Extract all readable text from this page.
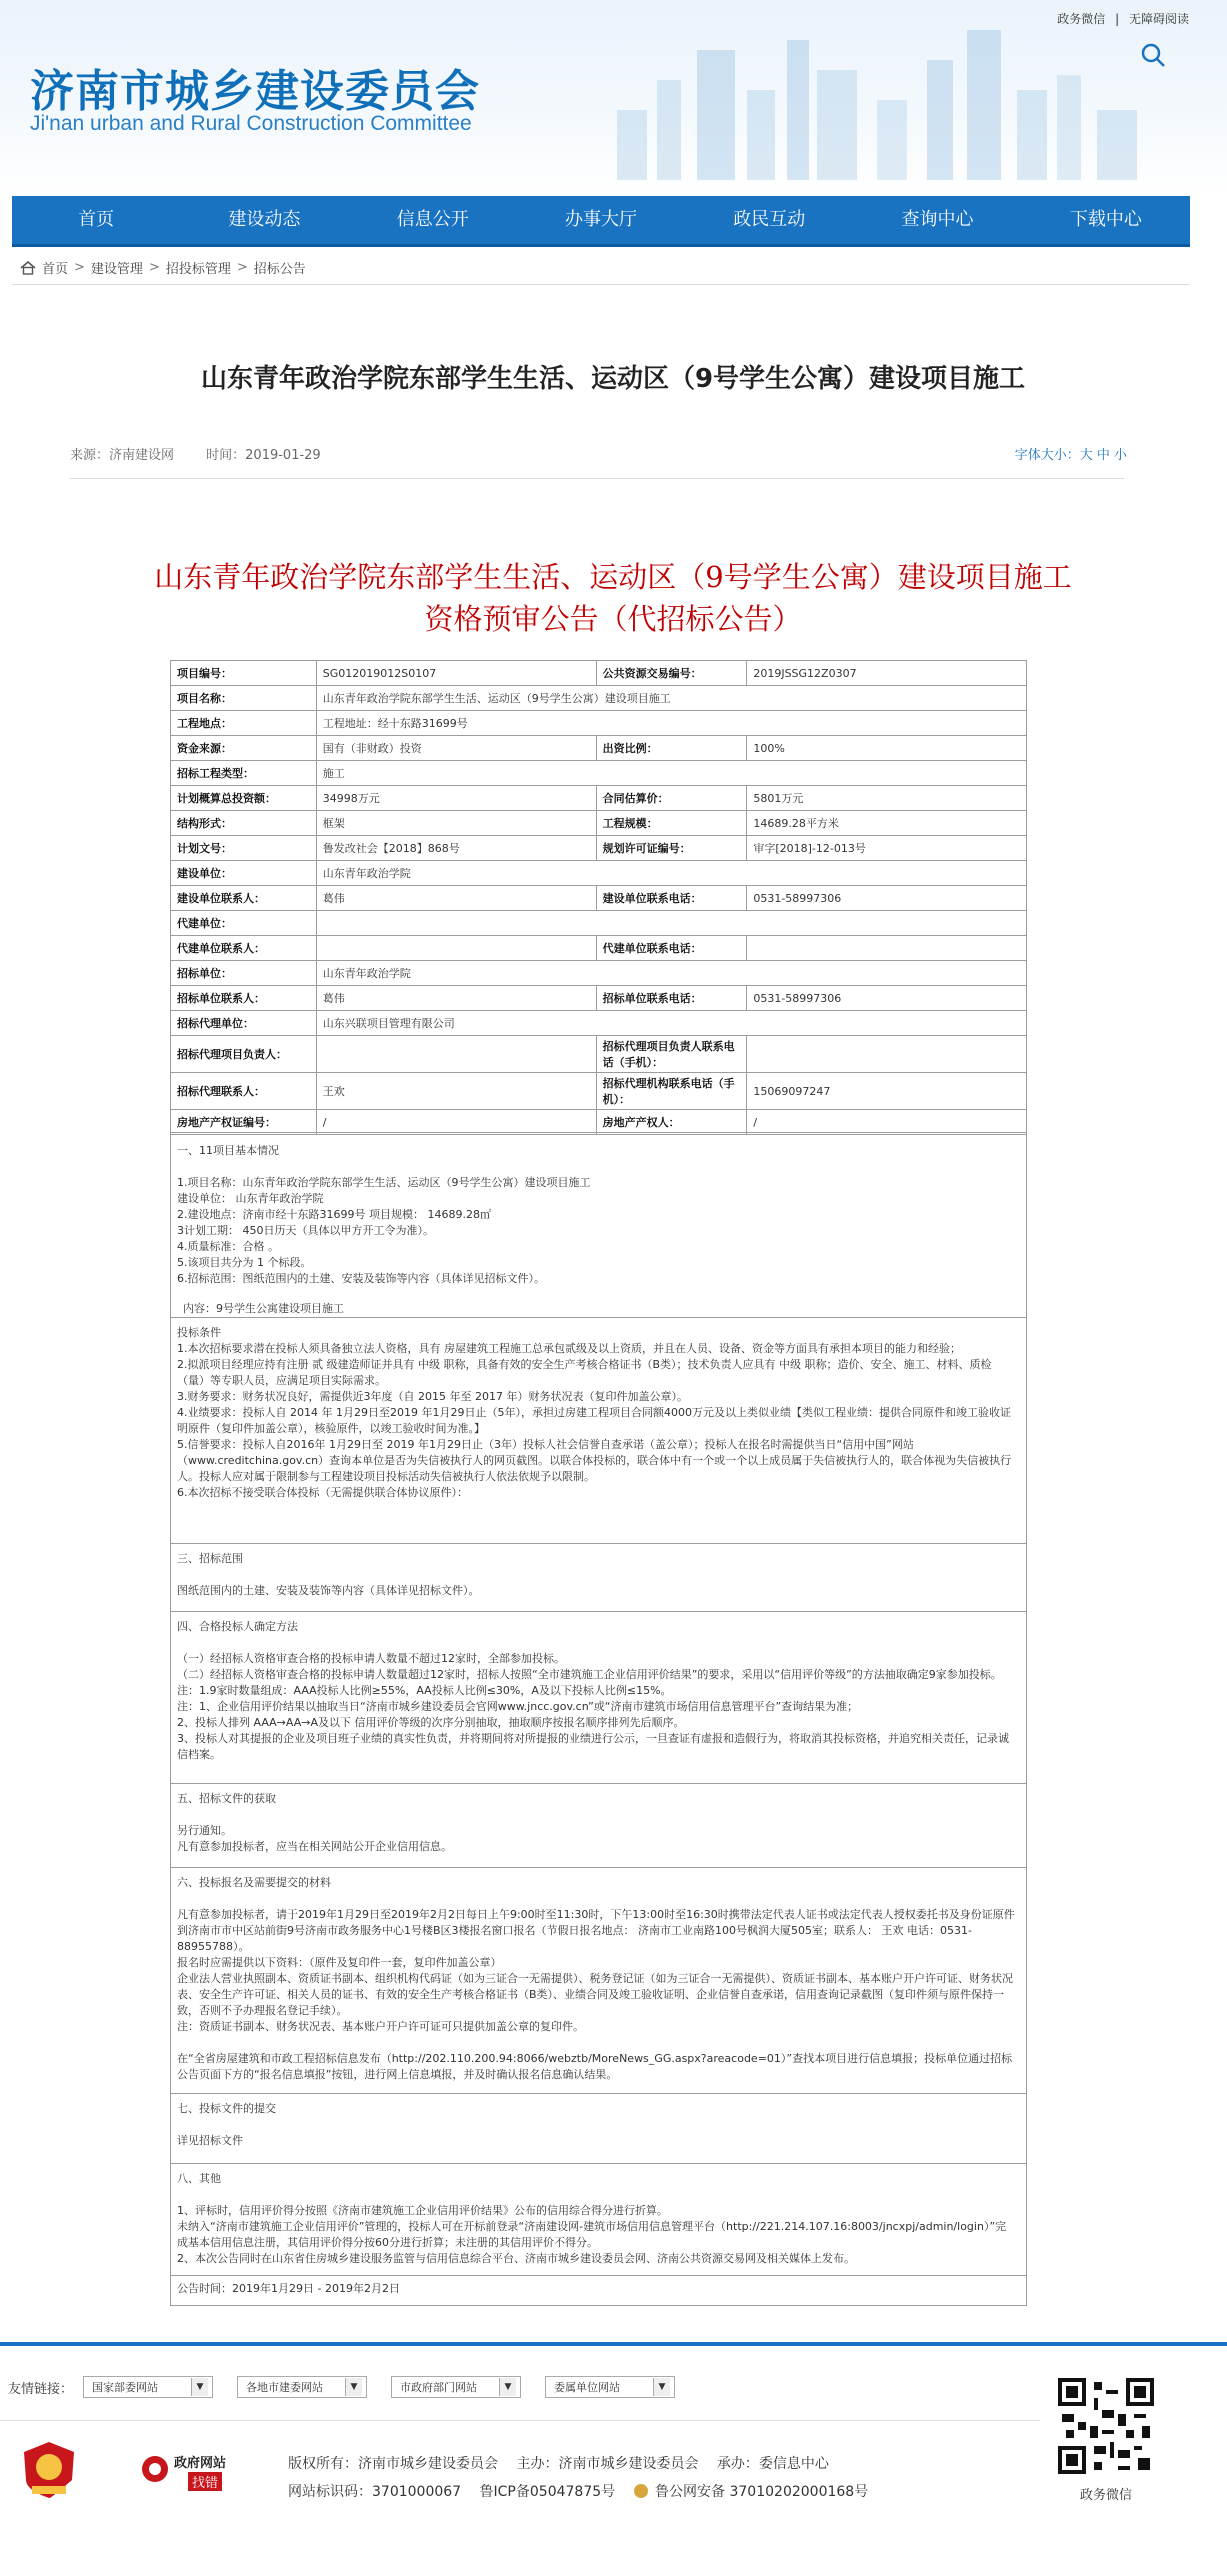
政务微信 | 无障碍阅读
济南市城乡建设委员会
Ji'nan urban and Rural Construction Committee
首页	建设动态	信息公开	办事大厅	政民互动	查询中心	下载中心
首页 > 建设管理 > 招投标管理 > 招标公告
山东青年政治学院东部学生生活、运动区（9号学生公寓）建设项目施工
来源：济南建设网 时间：2019-01-29	字体大小：大 中 小
山东青年政治学院东部学生生活、运动区（9号学生公寓）建设项目施工
资格预审公告（代招标公告）
项目编号：	SG012019012S0107	公共资源交易编号：	2019JSSG12Z0307
项目名称：	山东青年政治学院东部学生生活、运动区（9号学生公寓）建设项目施工		
工程地点：	工程地址：经十东路31699号		
资金来源：	国有（非财政）投资	出资比例：	100%
招标工程类型：	施工		
计划概算总投资额：	34998万元	合同估算价：	5801万元
结构形式：	框架	工程规模：	14689.28平方米
计划文号：	鲁发改社会【2018】868号	规划许可证编号：	审字[2018]-12-013号
建设单位：	山东青年政治学院		
建设单位联系人：	葛伟	建设单位联系电话：	0531-58997306
代建单位：			
代建单位联系人：		代建单位联系电话：	
招标单位：	山东青年政治学院		
招标单位联系人：	葛伟	招标单位联系电话：	0531-58997306
招标代理单位：	山东兴联项目管理有限公司		
招标代理项目负责人：		招标代理项目负责人联系电话（手机）：	
招标代理联系人：	王欢	招标代理机构联系电话（手机）：	15069097247
房地产产权证编号：	/	房地产产权人：	/

一、11项目基本情况

1.项目名称：山东青年政治学院东部学生生活、运动区（9号学生公寓）建设项目施工

建设单位： 山东青年政治学院

2.建设地点：济南市经十东路31699号 项目规模： 14689.28㎡

3计划工期： 450日历天（具体以甲方开工令为准）。

4.质量标准：合格 。

5.该项目共分为 1 个标段。

6.招标范围：图纸范围内的土建、安装及装饰等内容（具体详见招标文件）。

内容：9号学生公寓建设项目施工

投标条件

1.本次招标要求潜在投标人须具备独立法人资格，具有 房屋建筑工程施工总承包贰级及以上资质，并且在人员、设备、资金等方面具有承担本项目的能力和经验；

2.拟派项目经理应持有注册 贰 级建造师证并具有 中级 职称，具备有效的安全生产考核合格证书（B类）；技术负责人应具有 中级 职称；造价、安全、施工、材料、质检（量）等专职人员，应满足项目实际需求。

3.财务要求：财务状况良好，需提供近3年度（自 2015 年至 2017 年）财务状况表（复印件加盖公章）。

4.业绩要求：投标人自 2014 年 1月29日至2019 年1月29日止（5年），承担过房建工程项目合同额4000万元及以上类似业绩【类似工程业绩：提供合同原件和竣工验收证明原件（复印件加盖公章），核验原件，以竣工验收时间为准。】

5.信誉要求：投标人自2016年 1月29日至 2019 年1月29日止（3年）投标人社会信誉自查承诺（盖公章）；投标人在报名时需提供当日“信用中国”网站（www.creditchina.gov.cn）查询本单位是否为失信被执行人的网页截图。以联合体投标的，联合体中有一个或一个以上成员属于失信被执行人的，联合体视为失信被执行人。投标人应对属于限制参与工程建设项目投标活动失信被执行人依法依规予以限制。

6.本次招标不接受联合体投标（无需提供联合体协议原件）：

三、招标范围

图纸范围内的土建、安装及装饰等内容（具体详见招标文件）。

四、合格投标人确定方法

（一）经招标人资格审查合格的投标申请人数量不超过12家时，全部参加投标。

（二）经招标人资格审查合格的投标申请人数量超过12家时，招标人按照“全市建筑施工企业信用评价结果”的要求，采用以“信用评价等级”的方法抽取确定9家参加投标。

注：1.9家时数量组成：AAA投标人比例≥55%，AA投标人比例≤30%，A及以下投标人比例≤15%。

注：1、企业信用评价结果以抽取当日“济南市城乡建设委员会官网www.jncc.gov.cn”或“济南市建筑市场信用信息管理平台”查询结果为准；

2、投标人排列 AAA→AA→A及以下 信用评价等级的次序分别抽取，抽取顺序按报名顺序排列先后顺序。

3、投标人对其提报的企业及项目班子业绩的真实性负责，并将期间将对所提报的业绩进行公示，一旦查证有虚报和造假行为，将取消其投标资格，并追究相关责任，记录诚信档案。

五、招标文件的获取

另行通知。

凡有意参加投标者，应当在相关网站公开企业信用信息。

六、投标报名及需要提交的材料

凡有意参加投标者，请于2019年1月29日至2019年2月2日每日上午9:00时至11:30时，下午13:00时至16:30时携带法定代表人证书或法定代表人授权委托书及身份证原件到济南市市中区站前街9号济南市政务服务中心1号楼B区3楼报名窗口报名（节假日报名地点： 济南市工业南路100号枫润大厦505室；联系人： 王欢 电话：0531-88955788）。

报名时应需提供以下资料：（原件及复印件一套，复印件加盖公章）

企业法人营业执照副本、资质证书副本、组织机构代码证（如为三证合一无需提供）、税务登记证（如为三证合一无需提供）、资质证书副本、基本账户开户许可证、财务状况表、安全生产许可证、相关人员的证书、有效的安全生产考核合格证书（B类）、业绩合同及竣工验收证明、企业信誉自查承诺，信用查询记录截图（复印件须与原件保持一致，否则不予办理报名登记手续）。

注：资质证书副本、财务状况表、基本账户开户许可证可只提供加盖公章的复印件。

在“全省房屋建筑和市政工程招标信息发布（http://202.110.200.94:8066/webztb/MoreNews_GG.aspx?areacode=01）”查找本项目进行信息填报；投标单位通过招标公告页面下方的“报名信息填报”按钮，进行网上信息填报，并及时确认报名信息确认结果。

七、投标文件的提交

详见招标文件

八、其他

1、评标时，信用评价得分按照《济南市建筑施工企业信用评价结果》公布的信用综合得分进行折算。

未纳入“济南市建筑施工企业信用评价”管理的，投标人可在开标前登录“济南建设网-建筑市场信用信息管理平台（http://221.214.107.16:8003/jncxpj/admin/login）”完成基本信用信息注册，其信用评价得分按60分进行折算；未注册的其信用评价不得分。

2、本次公告同时在山东省住房城乡建设服务监管与信用信息综合平台、济南市城乡建设委员会网、济南公共资源交易网及相关媒体上发布。

公告时间：2019年1月29日 - 2019年2月2日
友情链接： 国家部委网站	▼	各地市建委网站	▼	市政府部门网站	▼	委属单位网站	▼
政府网站
找错
版权所有：济南市城乡建设委员会 主办：济南市城乡建设委员会 承办：委信息中心
网站标识码：3701000067 鲁ICP备05047875号	鲁公网安备 37010202000168号	政务微信
